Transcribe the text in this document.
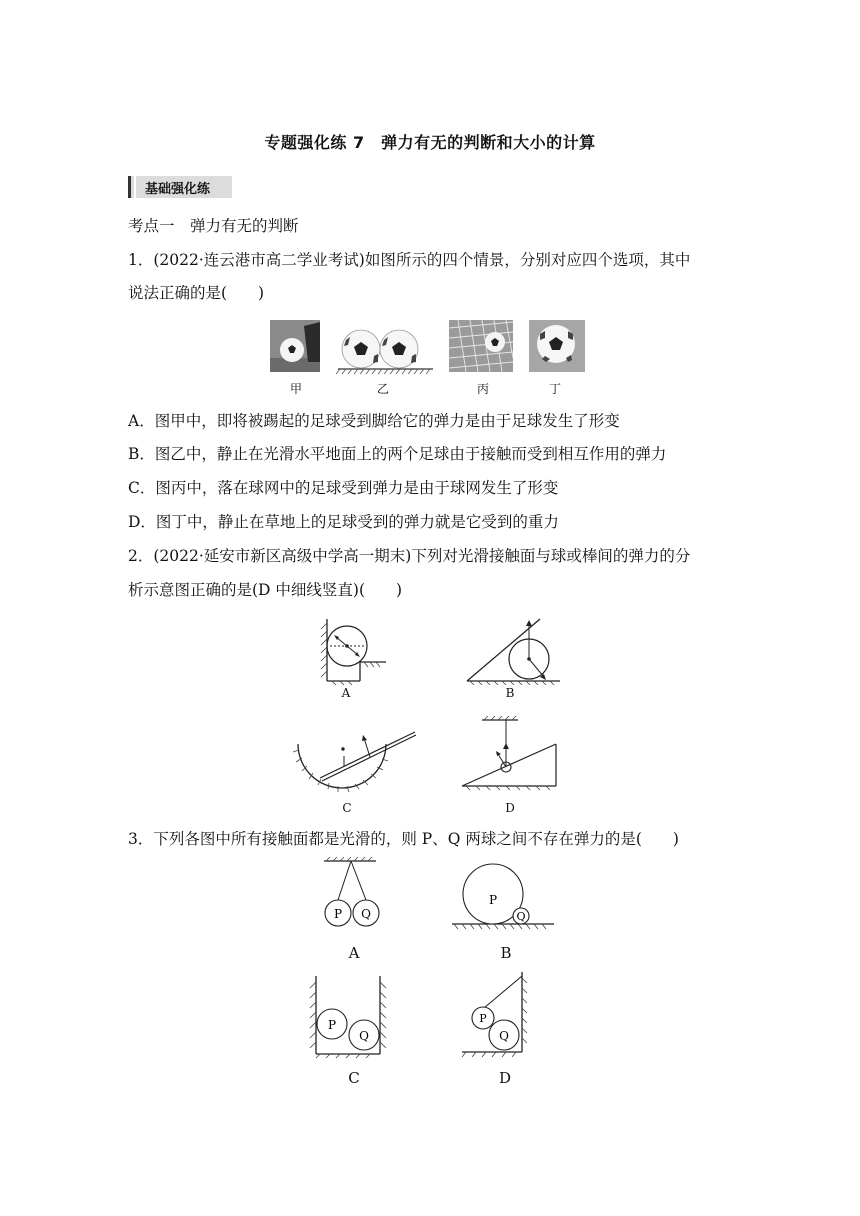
专题强化练 7　弹力有无的判断和大小的计算
基础强化练
考点一　弹力有无的判断
1．(2022·连云港市高二学业考试)如图所示的四个情景，分别对应四个选项，其中
说法正确的是(　　)
甲	乙	丙	丁
A．图甲中，即将被踢起的足球受到脚给它的弹力是由于足球发生了形变
B．图乙中，静止在光滑水平地面上的两个足球由于接触而受到相互作用的弹力
C．图丙中，落在球网中的足球受到弹力是由于球网发生了形变
D．图丁中，静止在草地上的足球受到的弹力就是它受到的重力
2．(2022·延安市新区高级中学高一期末)下列对光滑接触面与球或棒间的弹力的分
析示意图正确的是(D 中细线竖直)(　　)
A	B
C	D
3．下列各图中所有接触面都是光滑的，则 P、Q 两球之间不存在弹力的是(　　)
P Q
A
P
Q
B
P
Q
C
P
Q
D
